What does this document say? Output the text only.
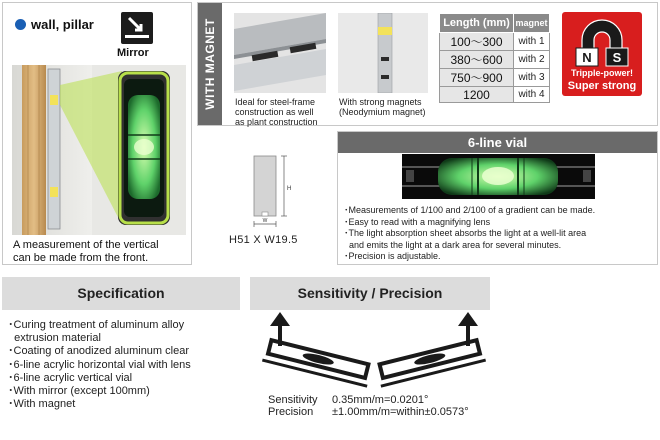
wall, pillar
Mirror
A measurement of the vertical
can be made from the front.
WITH MAGNET Ideal for steel-frame
construction as well
as plant construction
With strong magnets
(Neodymium magnet)
Length (mm)	magnet
100～300	with 1
380～600	with 2
750～900	with 3
1200	with 4
N S
Tripple-power!
Super strong
H
W
H51 X W19.5
6-line vial
･Measurements of 1/100 and 2/100 of a gradient can be made.
･Easy to read with a magnifying lens
･The light absorption sheet absorbs the light at a well-lit area
and emits the light at a dark area for several minutes.
･Precision is adjustable.
Specification
･Curing treatment of aluminum alloy
extrusion material
･Coating of anodized aluminum clear
･6-line acrylic horizontal vial with lens
･6-line acrylic vertical vial
･With mirror (except 100mm)
･With magnet
Sensitivity / Precision
Sensitivity 0.35mm/m=0.0201°
Precision ±1.00mm/m=within±0.0573°
